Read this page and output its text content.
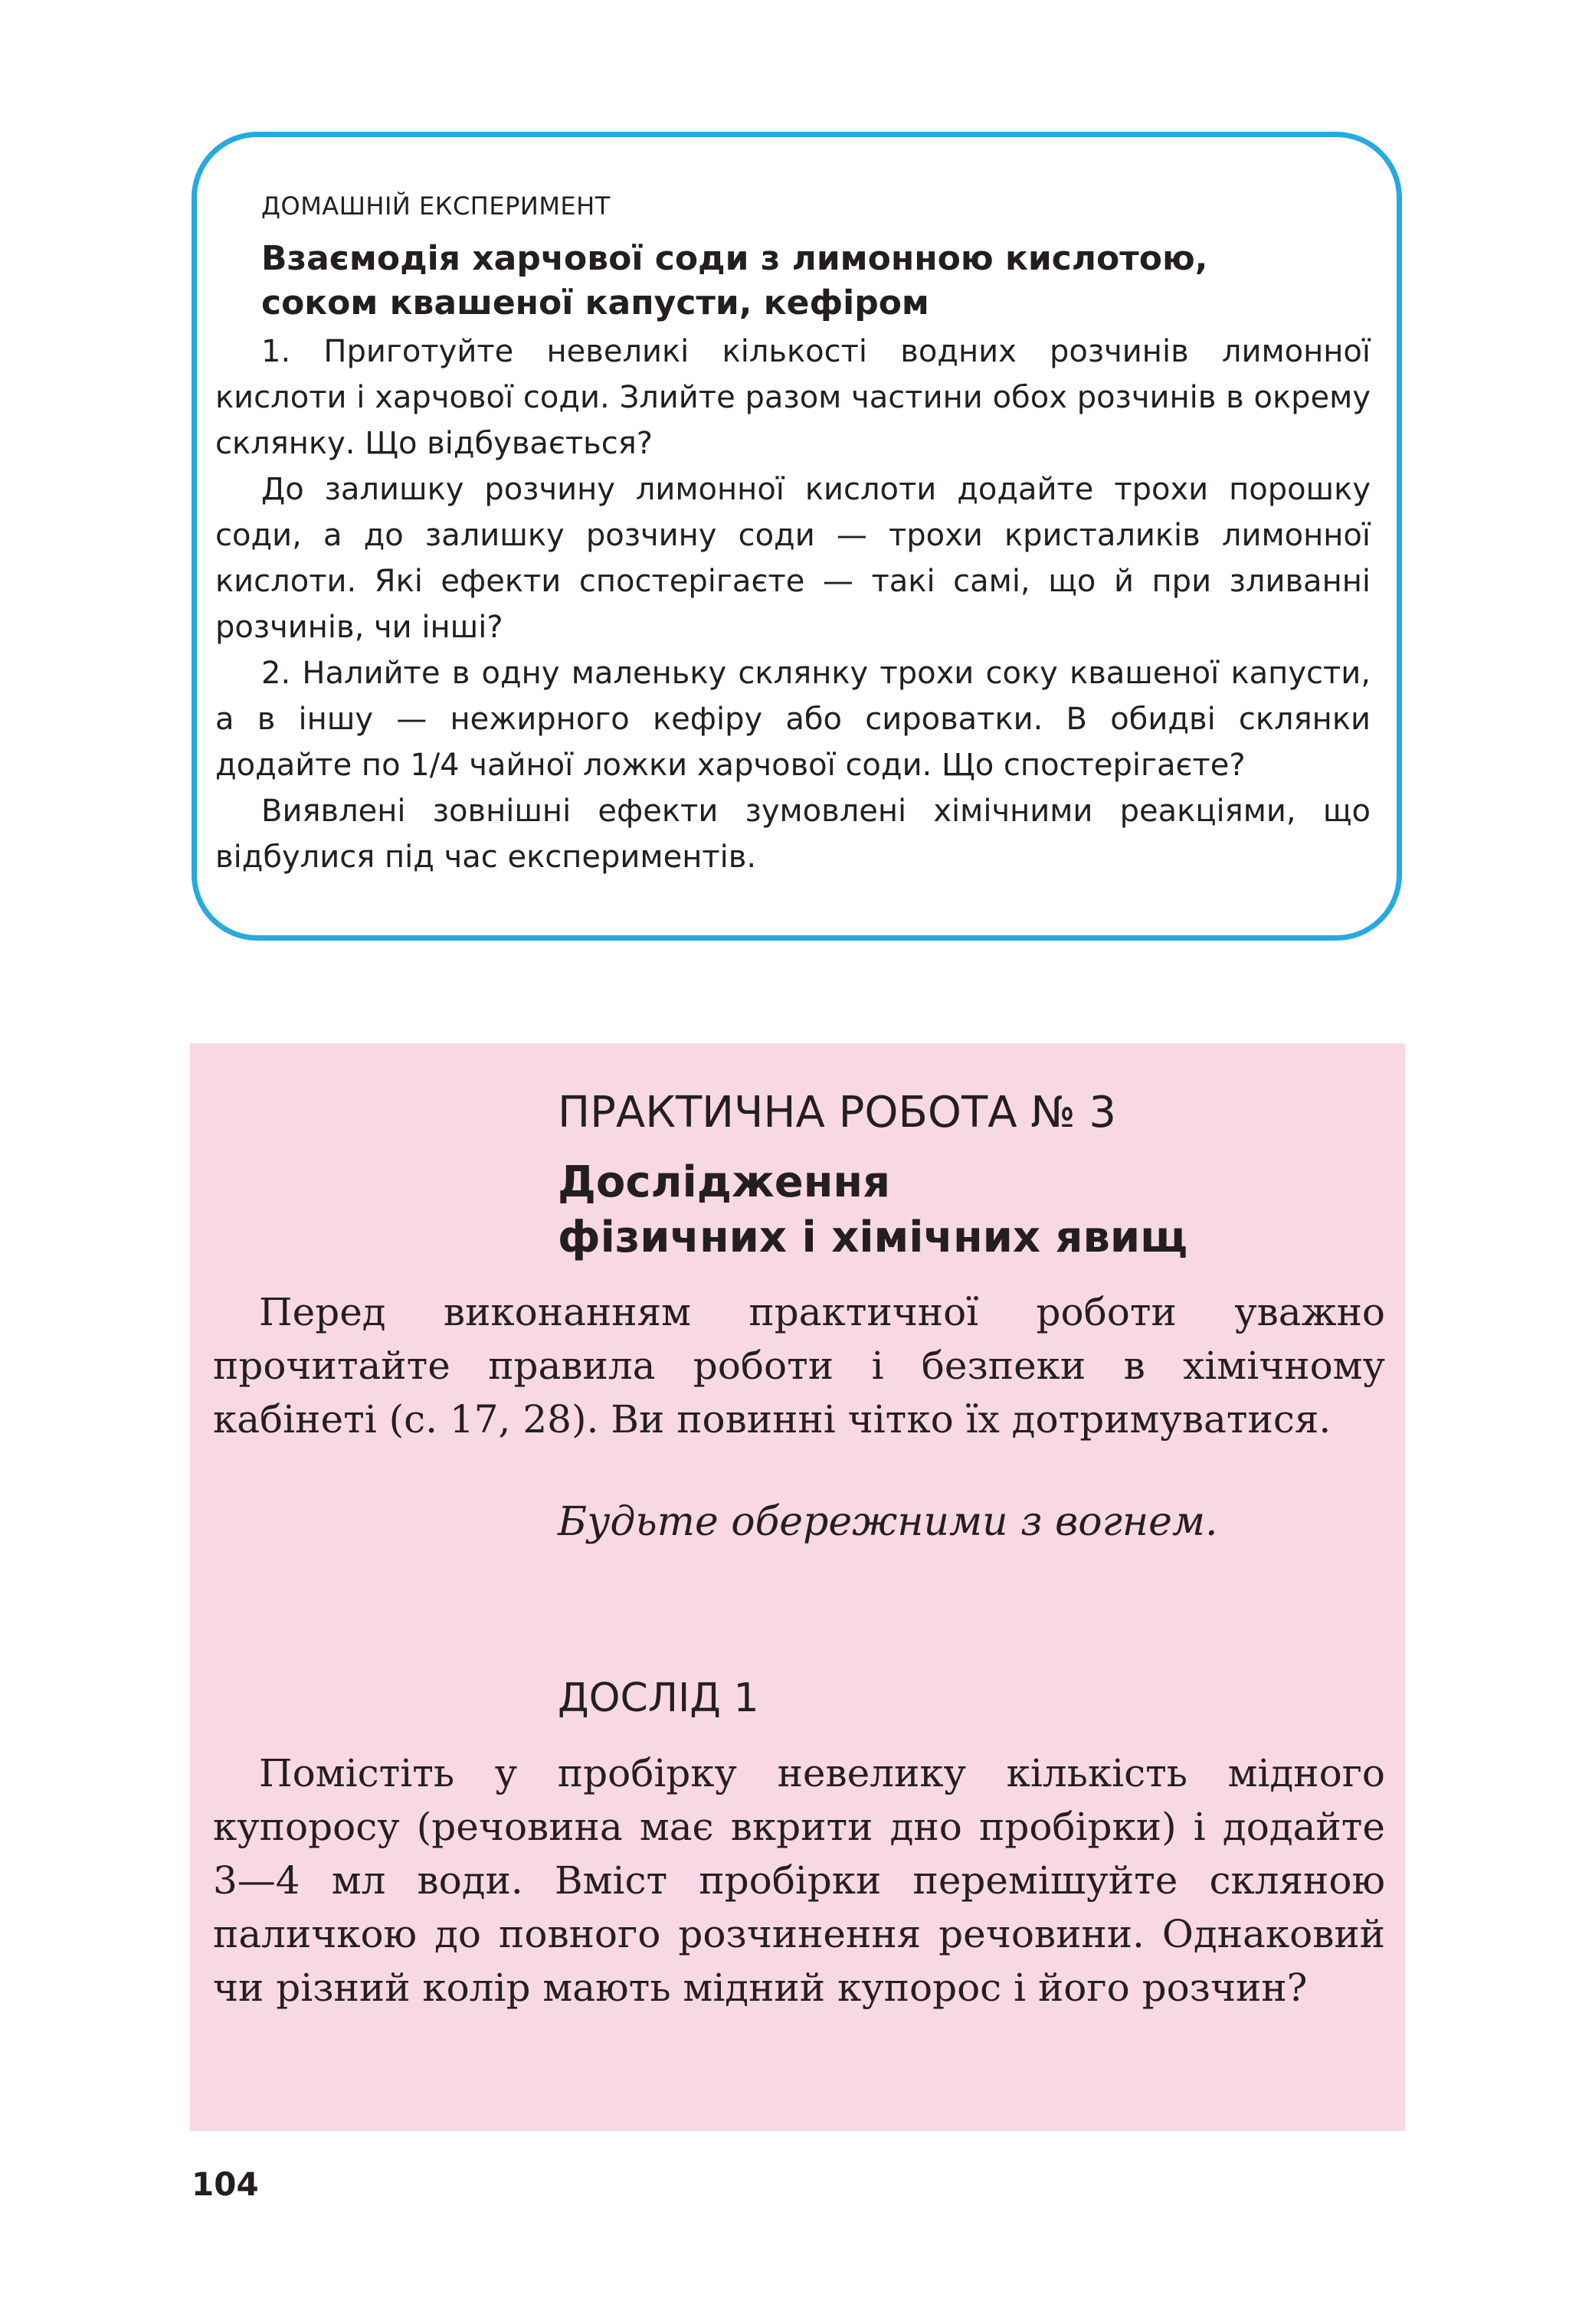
ДОМАШНІЙ ЕКСПЕРИМЕНТ
Взаємодія харчової соди з лимонною кислотою,
соком квашеної капусти, кефіром

1. Приготуйте невеликі кількості водних розчинів лимонної кислоти і харчової соди. Злийте разом частини обох розчинів в окрему склянку. Що відбувається?

До залишку розчину лимонної кислоти додайте трохи порошку соди, а до залишку розчину соди — трохи кристаликів лимонної кислоти. Які ефекти спостерігаєте — такі самі, що й при зливанні розчинів, чи інші?

2. Налийте в одну маленьку склянку трохи соку квашеної капусти, а в іншу — нежирного кефіру або сироватки. В обидві склянки додайте по 1/4 чайної ложки харчової соди. Що спостерігаєте?

Виявлені зовнішні ефекти зумовлені хімічними реакціями, що відбулися під час експериментів.

ПРАКТИЧНА РОБОТА № 3
Дослідження
фізичних і хімічних явищ

Перед виконанням практичної роботи уважно прочитайте правила роботи і безпеки в хімічному кабінеті (с. 17, 28). Ви повинні чітко їх дотримуватися.

Будьте обережними з вогнем.
ДОСЛІД 1

Помістіть у пробірку невелику кількість мідного купоросу (речовина має вкрити дно пробірки) і додайте 3—4 мл води. Вміст пробірки перемішуйте скляною паличкою до повного розчинення речовини. Однаковий чи різний колір мають мідний купорос і його розчин?

104
